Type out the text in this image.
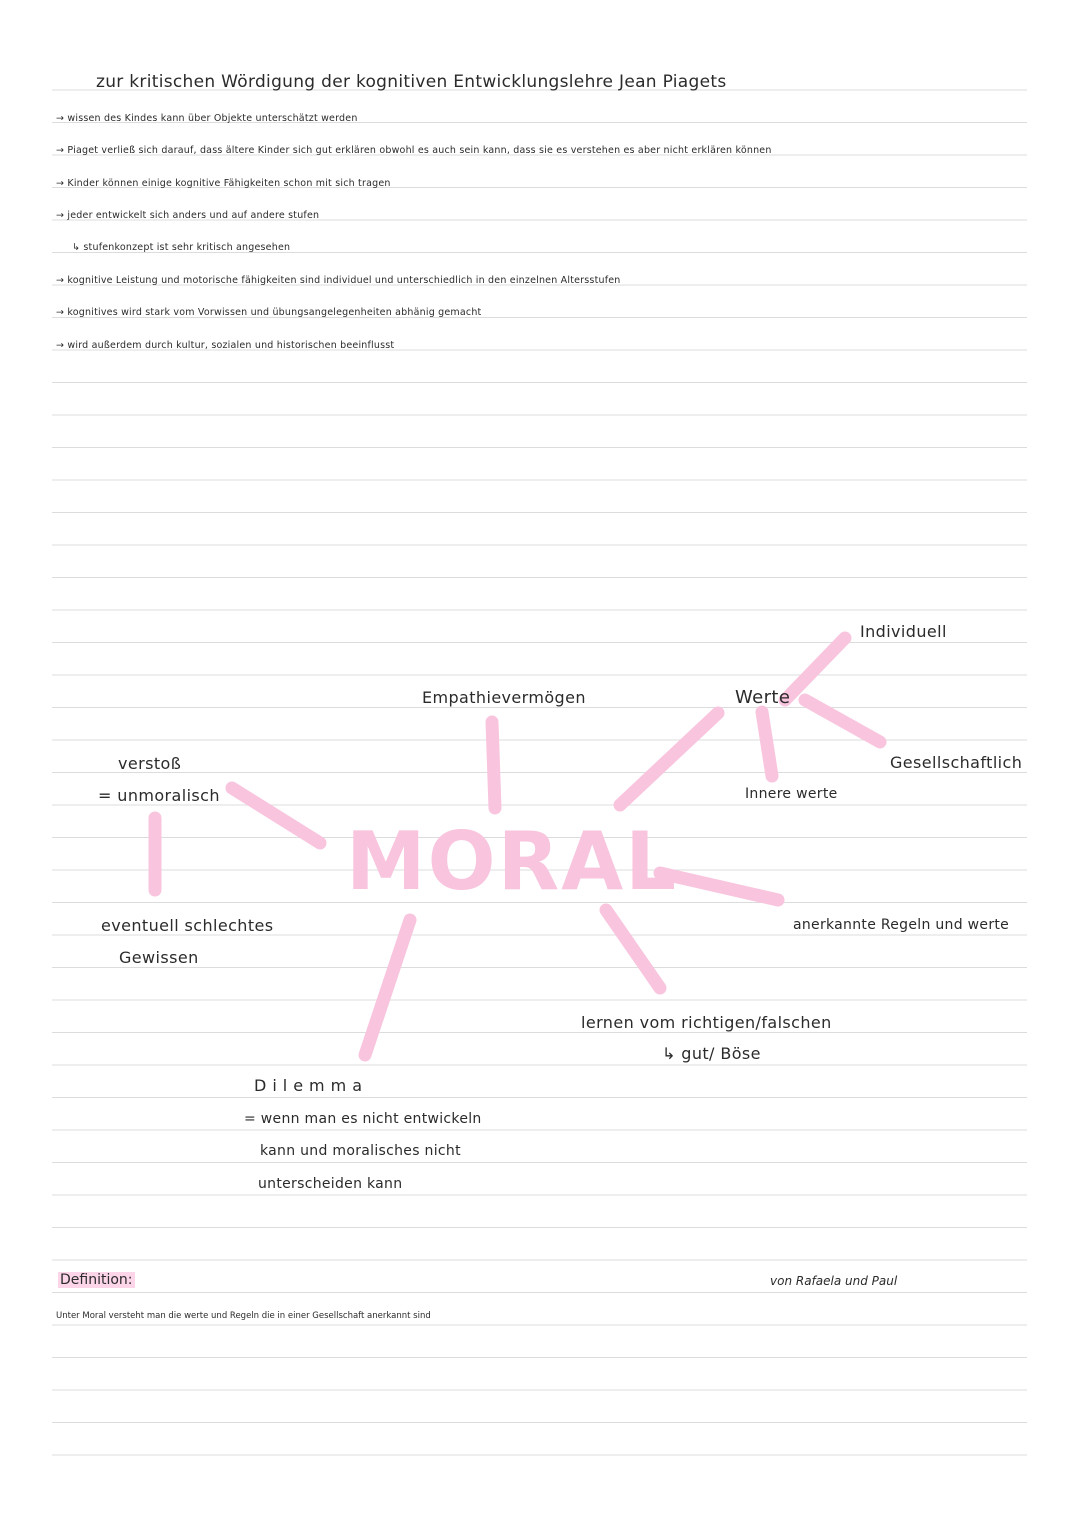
zur kritischen Wördigung der kognitiven Entwicklungslehre Jean Piagets
→ wissen des Kindes kann über Objekte unterschätzt werden
→ Piaget verließ sich darauf, dass ältere Kinder sich gut erklären obwohl es auch sein kann, dass sie es verstehen es aber nicht erklären können
→ Kinder können einige kognitive Fähigkeiten schon mit sich tragen
→ jeder entwickelt sich anders und auf andere stufen
↳ stufenkonzept ist sehr kritisch angesehen
→ kognitive Leistung und motorische fähigkeiten sind individuel und unterschiedlich in den einzelnen Altersstufen
→ kognitives wird stark vom Vorwissen und übungsangelegenheiten abhänig gemacht
→ wird außerdem durch kultur, sozialen und historischen beeinflusst
MORAL
Individuell
Werte
Empathievermögen
Gesellschaftlich
verstoß
= unmoralisch	Innere werte
eventuell schlechtes
Gewissen
anerkannte Regeln und werte
lernen vom richtigen/falschen
↳ gut/ Böse
Dilemma
= wenn man es nicht entwickeln
kann und moralisches nicht
unterscheiden kann
Definition:
Unter Moral versteht man die werte und Regeln die in einer Gesellschaft anerkannt sind
von Rafaela und Paul
